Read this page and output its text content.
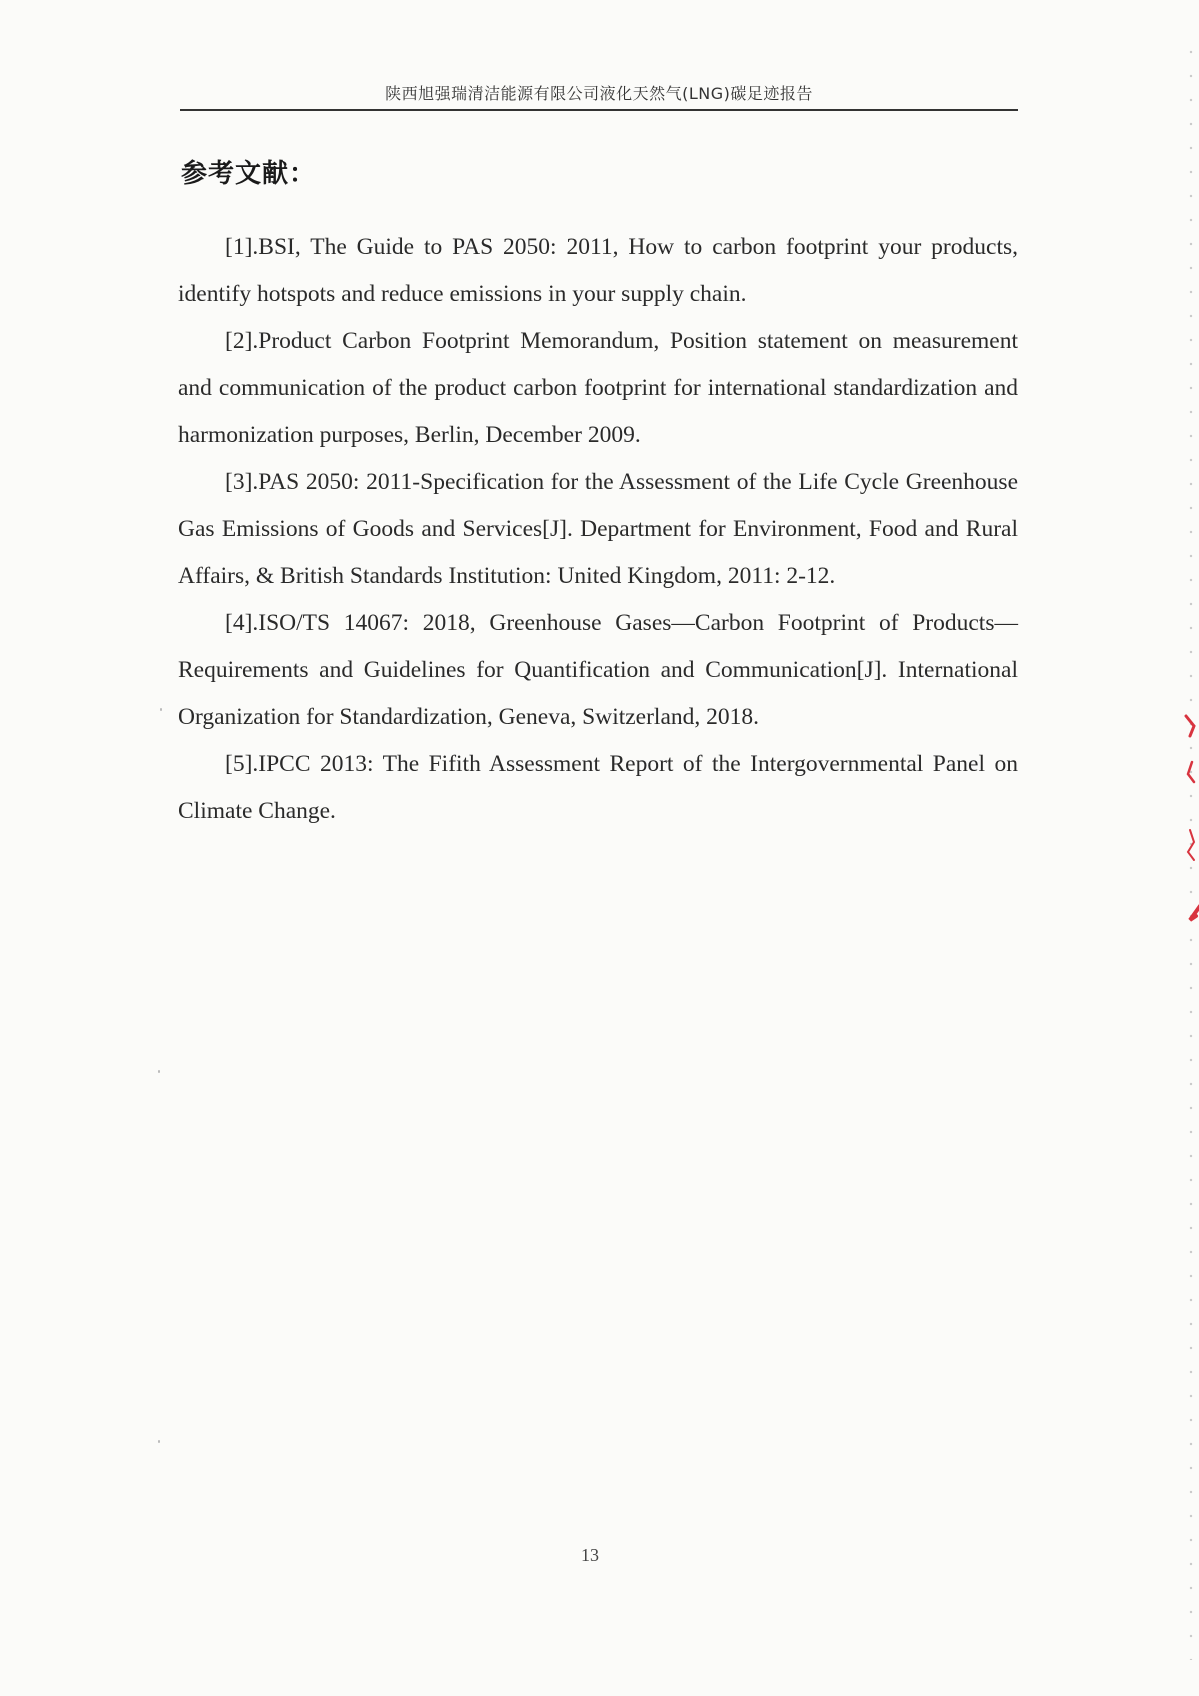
陕西旭强瑞清洁能源有限公司液化天然气(LNG)碳足迹报告
参考文献：
[1].BSI, The Guide to PAS 2050: 2011, How to carbon footprint your products, identify hotspots and reduce emissions in your supply chain.
[2].Product Carbon Footprint Memorandum, Position statement on measurement and communication of the product carbon footprint for international standardization and harmonization purposes, Berlin, December 2009.
[3].PAS 2050: 2011-Specification for the Assessment of the Life Cycle Greenhouse Gas Emissions of Goods and Services[J]. Department for Environment, Food and Rural Affairs, & British Standards Institution: United Kingdom, 2011: 2-12.
[4].ISO/TS 14067: 2018, Greenhouse Gases—Carbon Footprint of Products—Requirements and Guidelines for Quantification and Communication[J]. International Organization for Standardization, Geneva, Switzerland, 2018.
[5].IPCC 2013: The Fifith Assessment Report of the Intergovernmental Panel on Climate Change.
13
